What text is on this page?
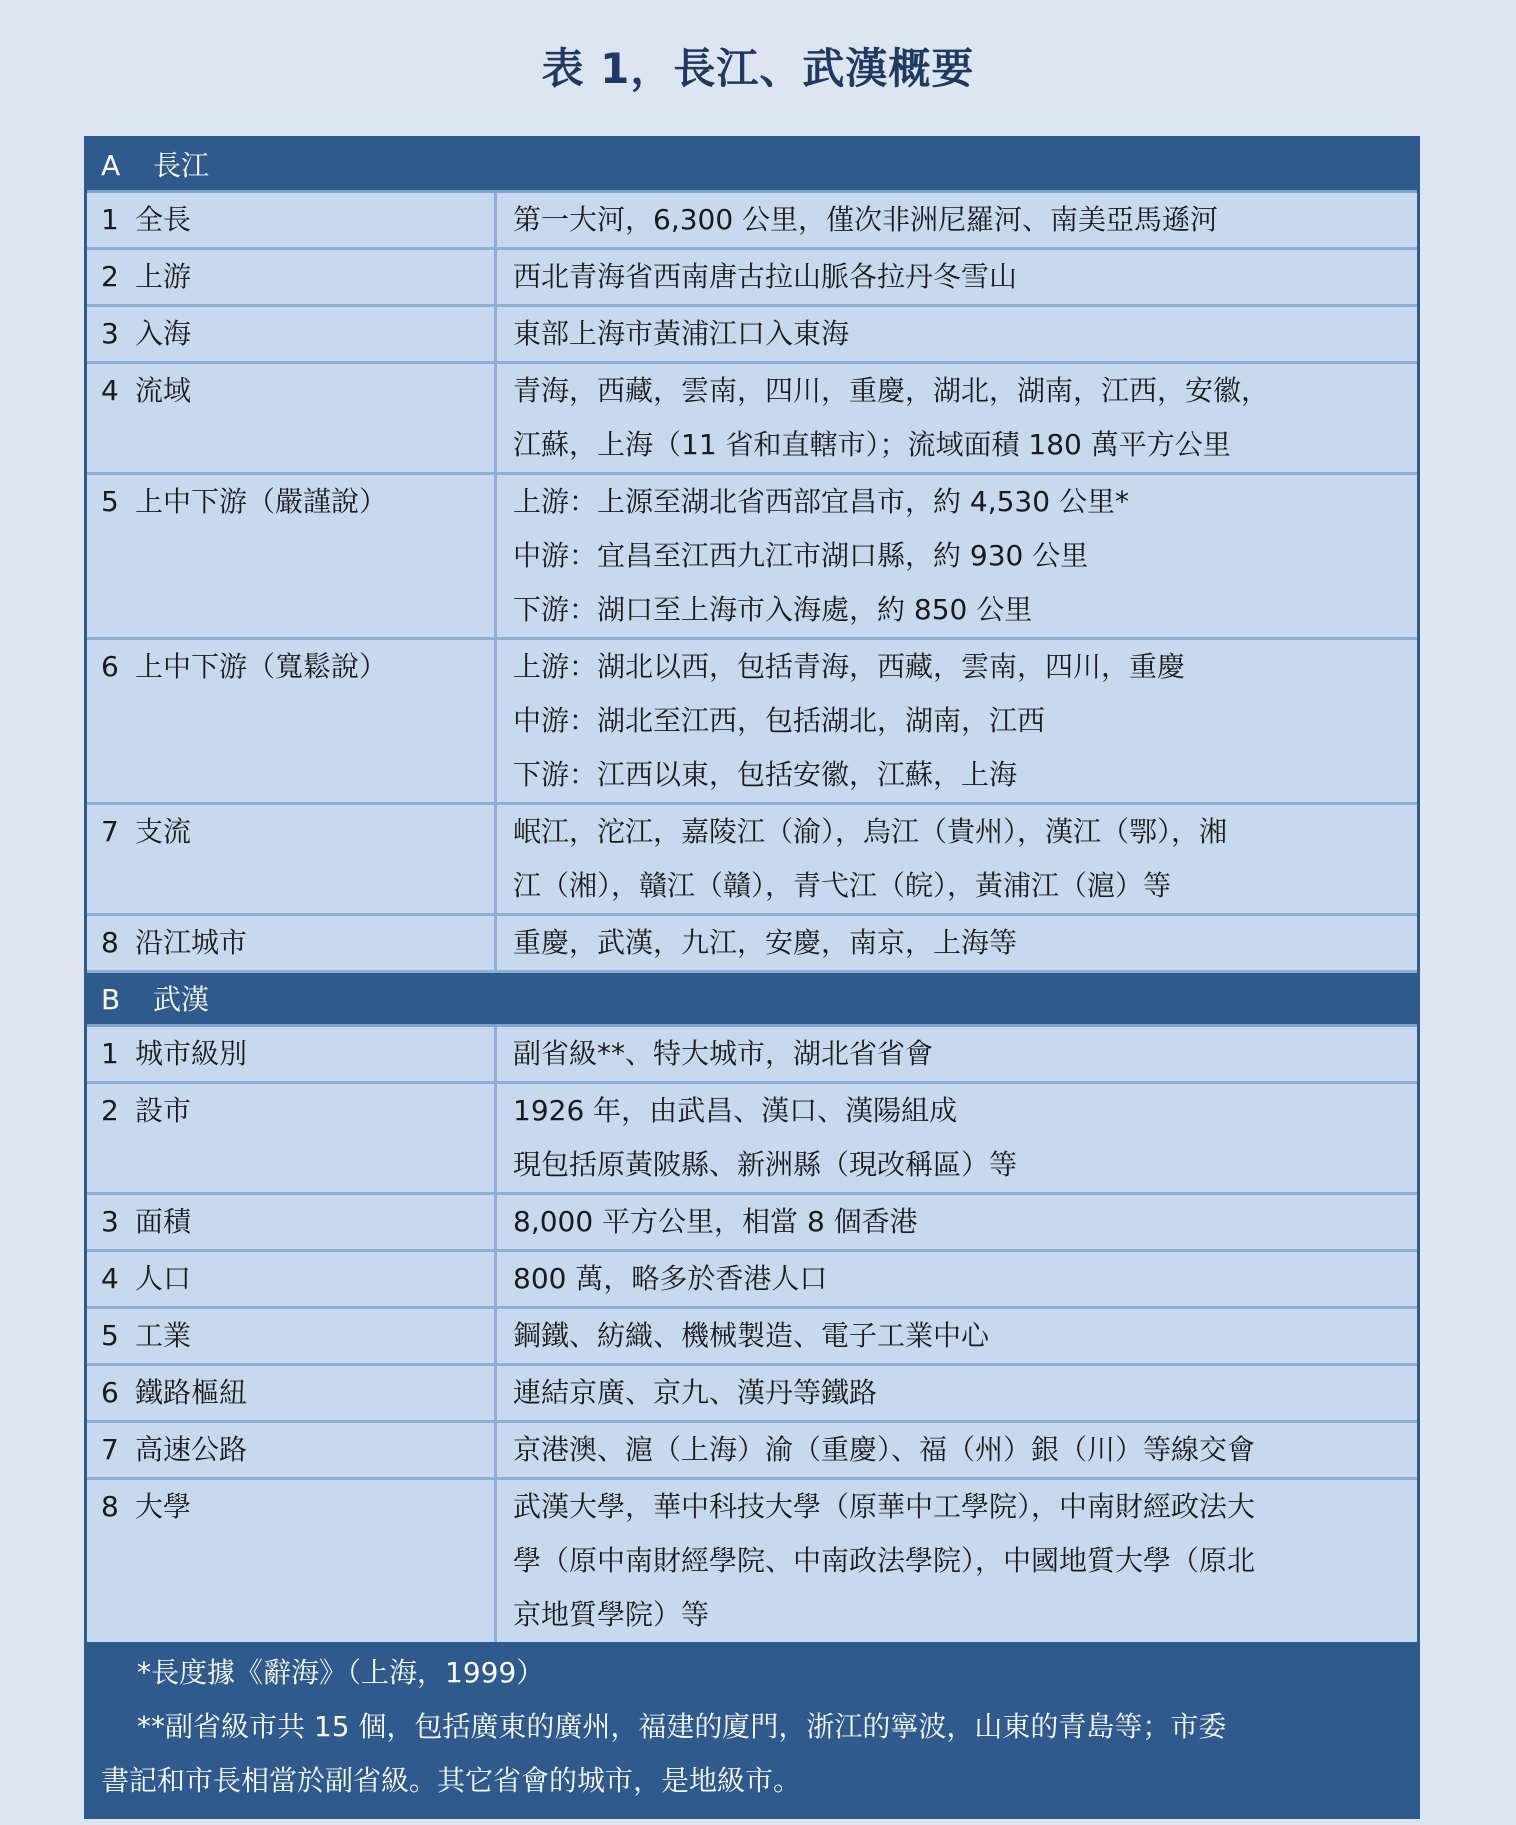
表 1，長江、武漢概要
A 長江
1 全長	第一大河，6,300 公里，僅次非洲尼羅河、南美亞馬遜河
2 上游	西北青海省西南唐古拉山脈各拉丹冬雪山
3 入海	東部上海市黃浦江口入東海
4 流域	青海，西藏，雲南，四川，重慶，湖北，湖南，江西，安徽，
江蘇，上海（11 省和直轄市）；流域面積 180 萬平方公里
5 上中下游（嚴謹說）	上游：上源至湖北省西部宜昌市，約 4,530 公里*
中游：宜昌至江西九江市湖口縣，約 930 公里
下游：湖口至上海市入海處，約 850 公里
6 上中下游（寬鬆說）	上游：湖北以西，包括青海，西藏，雲南，四川，重慶
中游：湖北至江西，包括湖北，湖南，江西
下游：江西以東，包括安徽，江蘇，上海
7 支流	岷江，沱江，嘉陵江（渝），烏江（貴州），漢江（鄂），湘
江（湘），贛江（贛），青弋江（皖），黃浦江（滬）等
8 沿江城市	重慶，武漢，九江，安慶，南京，上海等
B 武漢
1 城市級別	副省級**、特大城市，湖北省省會
2 設市	1926 年，由武昌、漢口、漢陽組成
現包括原黃陂縣、新洲縣（現改稱區）等
3 面積	8,000 平方公里，相當 8 個香港
4 人口	800 萬，略多於香港人口
5 工業	鋼鐵、紡織、機械製造、電子工業中心
6 鐵路樞紐	連結京廣、京九、漢丹等鐵路
7 高速公路	京港澳、滬（上海）渝（重慶）、福（州）銀（川）等線交會
8 大學	武漢大學，華中科技大學（原華中工學院），中南財經政法大
學（原中南財經學院、中南政法學院），中國地質大學（原北
京地質學院）等
*長度據《辭海》（上海，1999）
**副省級市共 15 個，包括廣東的廣州，福建的廈門，浙江的寧波，山東的青島等；市委
書記和市長相當於副省級。其它省會的城市，是地級市。
